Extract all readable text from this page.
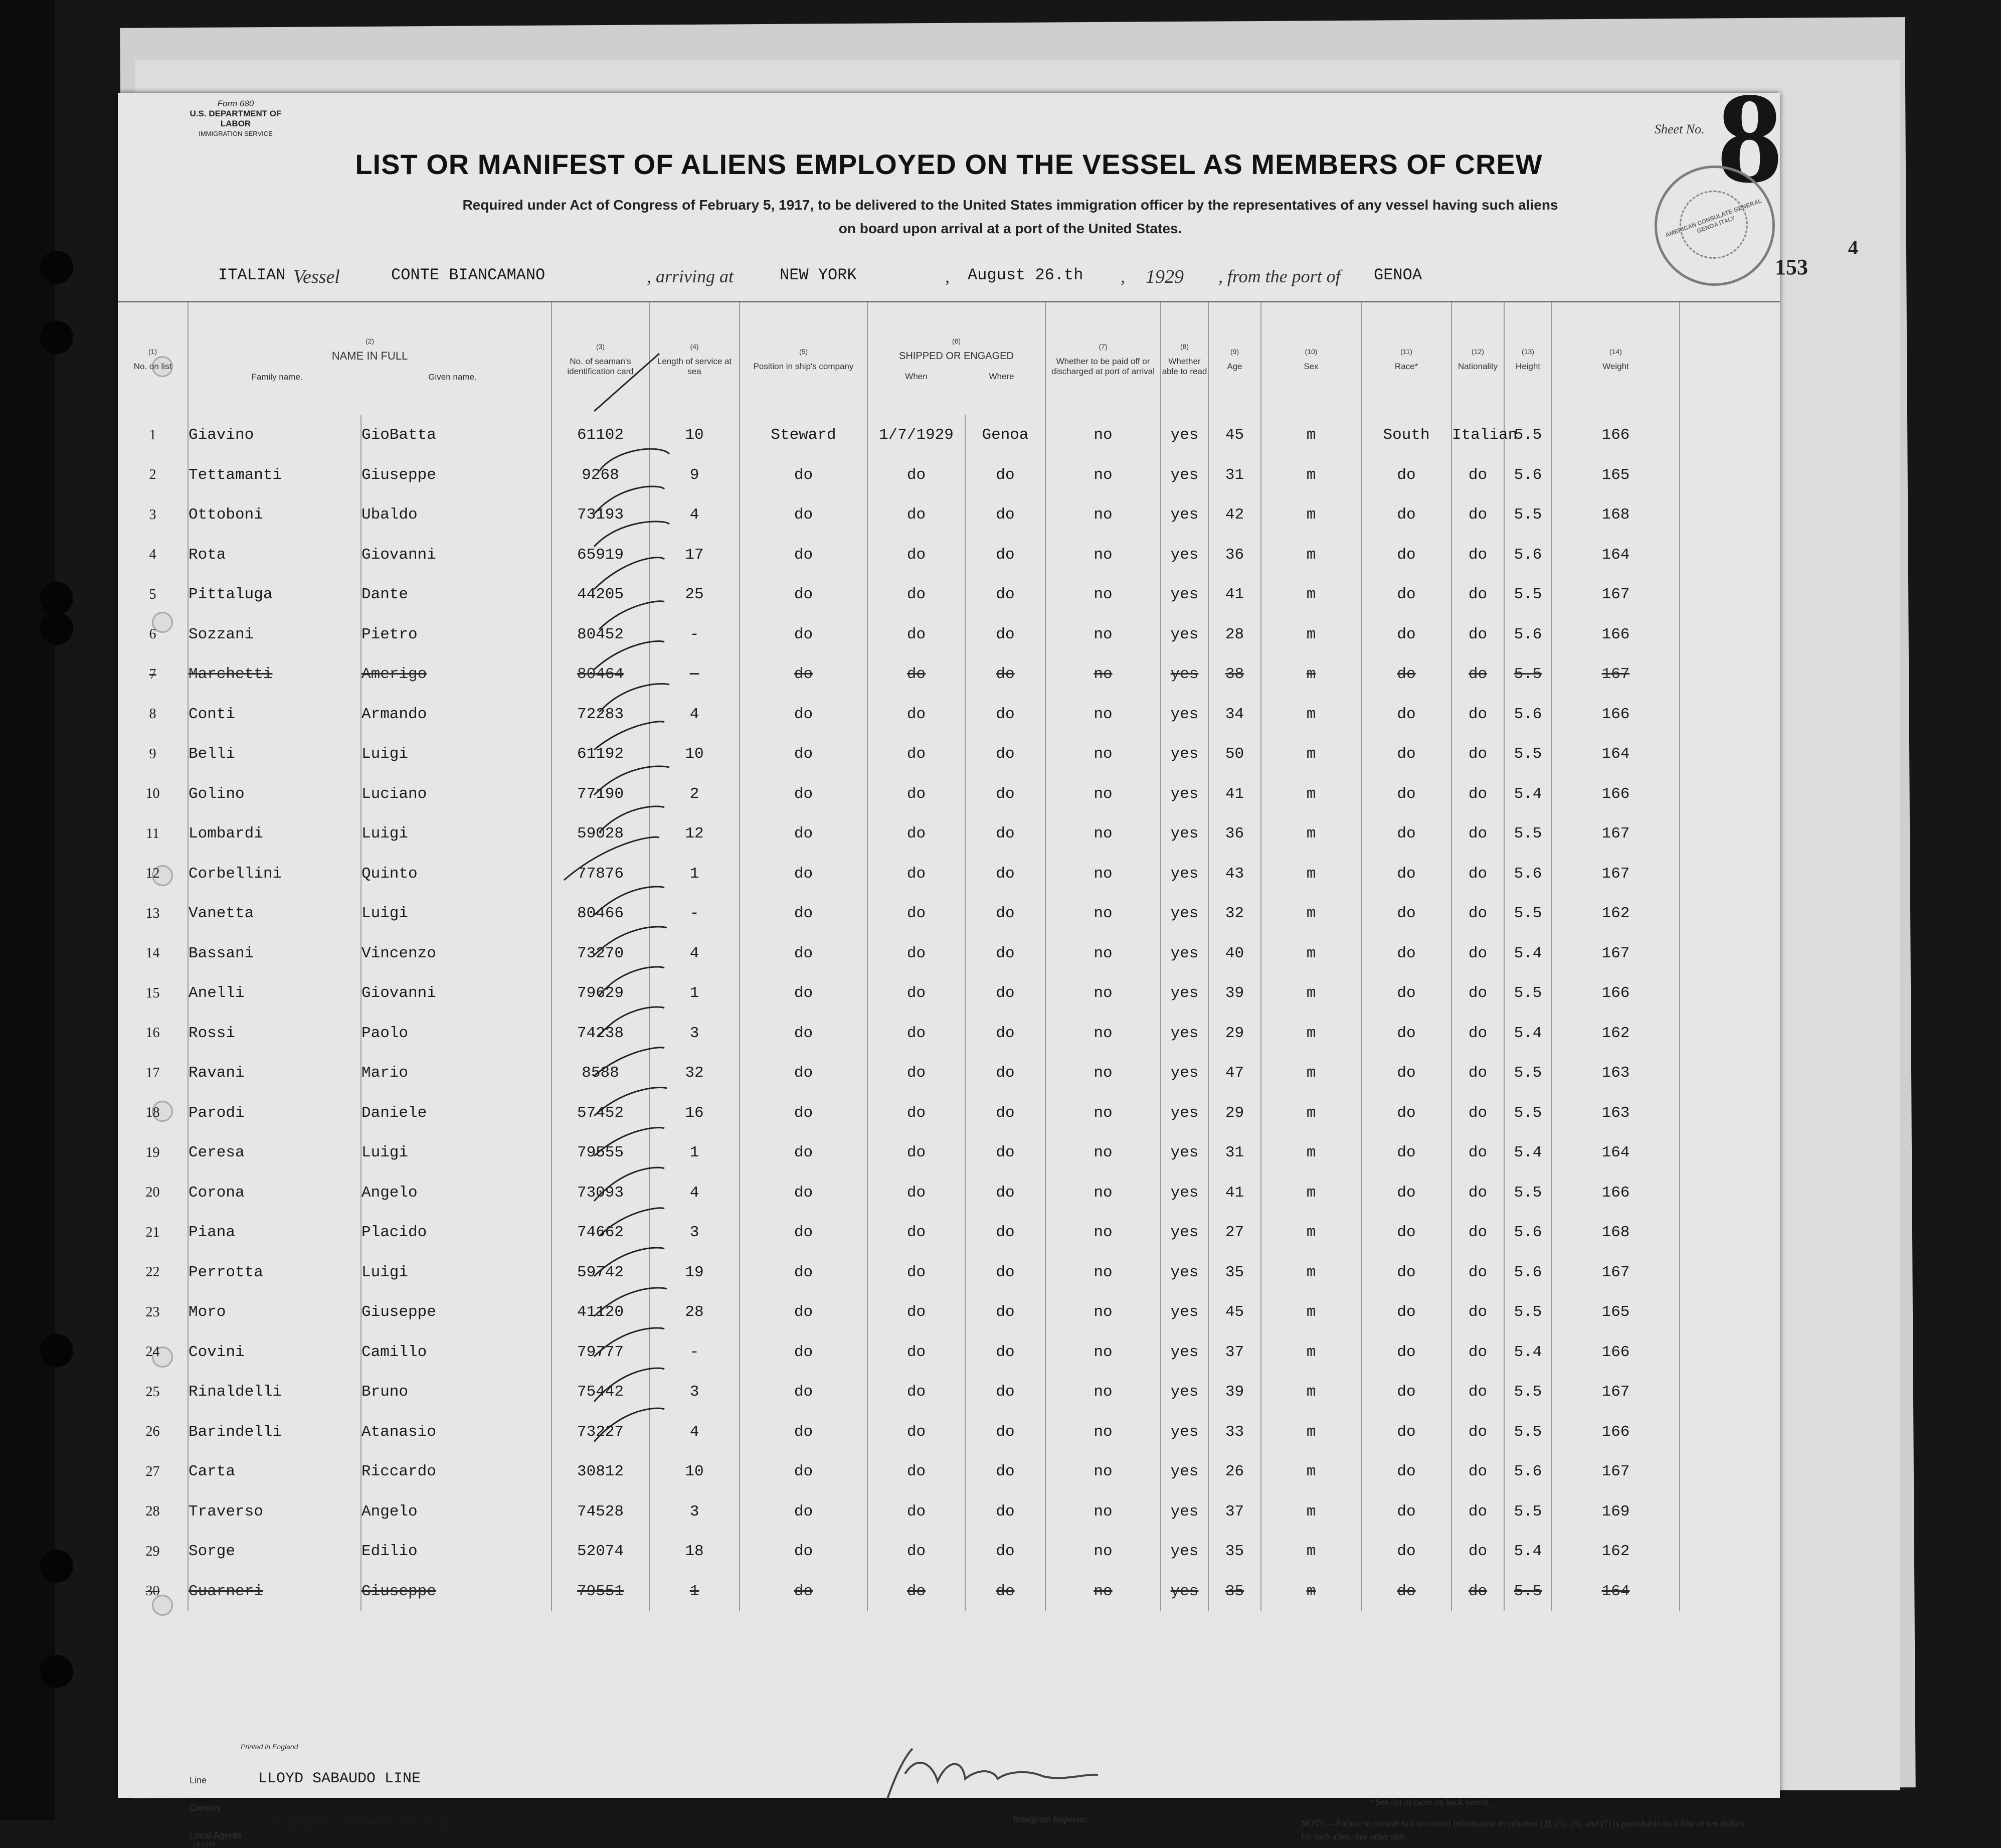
Form 680
U.S. DEPARTMENT OF LABOR
IMMIGRATION SERVICE	Sheet No. 8
LIST OR MANIFEST OF ALIENS EMPLOYED ON THE VESSEL AS MEMBERS OF CREW
Required under Act of Congress of February 5, 1917, to be delivered to the United States immigration officer by the representatives of any vessel having such aliens
on board upon arrival at a port of the United States.	AMERICAN CONSULATE GENERAL GENOA ITALY
153
ITALIAN Vessel	CONTE BIANCAMANO	, arriving at	NEW YORK	, August 26.th , 1929 , from the port of GENOA
(1)
No. on list	(2)
NAME IN FULL

Family name. Given name.		(3)
No. of seaman's identification card	(4)
Length of service at sea	(5)
Position in ship's company	(6)
SHIPPED OR ENGAGED

When Where		(7)
Whether to be paid off or discharged at port of arrival	(8)
Whether able to read	(9)
Age	(10)
Sex	(11)
Race*	(12)
Nationality	(13)
Height	(14)
Weight	

1	Giavino	GioBatta	61102	10	Steward	1/7/1929	Genoa	no	yes	45	m	South	Italian	5.5	166		
2	Tettamanti	Giuseppe	9268	9	do	do	do	no	yes	31	m	do	do	5.6	165		
3	Ottoboni	Ubaldo	73193	4	do	do	do	no	yes	42	m	do	do	5.5	168		
4	Rota	Giovanni	65919	17	do	do	do	no	yes	36	m	do	do	5.6	164		
5	Pittaluga	Dante	44205	25	do	do	do	no	yes	41	m	do	do	5.5	167		
6	Sozzani	Pietro	80452	-	do	do	do	no	yes	28	m	do	do	5.6	166		
7	Marchetti	Amerigo	80464	-	do	do	do	no	yes	38	m	do	do	5.5	167		
8	Conti	Armando	72283	4	do	do	do	no	yes	34	m	do	do	5.6	166		
9	Belli	Luigi	61192	10	do	do	do	no	yes	50	m	do	do	5.5	164		
10	Golino	Luciano	77190	2	do	do	do	no	yes	41	m	do	do	5.4	166		
11	Lombardi	Luigi	59028	12	do	do	do	no	yes	36	m	do	do	5.5	167		
12	Corbellini	Quinto	77876	1	do	do	do	no	yes	43	m	do	do	5.6	167		
13	Vanetta	Luigi	80466	-	do	do	do	no	yes	32	m	do	do	5.5	162		
14	Bassani	Vincenzo	73270	4	do	do	do	no	yes	40	m	do	do	5.4	167		
15	Anelli	Giovanni	79629	1	do	do	do	no	yes	39	m	do	do	5.5	166		
16	Rossi	Paolo	74238	3	do	do	do	no	yes	29	m	do	do	5.4	162		
17	Ravani	Mario	8588	32	do	do	do	no	yes	47	m	do	do	5.5	163		
18	Parodi	Daniele	57452	16	do	do	do	no	yes	29	m	do	do	5.5	163		
19	Ceresa	Luigi	79555	1	do	do	do	no	yes	31	m	do	do	5.4	164		
20	Corona	Angelo	73093	4	do	do	do	no	yes	41	m	do	do	5.5	166		
21	Piana	Placido	74662	3	do	do	do	no	yes	27	m	do	do	5.6	168		
22	Perrotta	Luigi	59742	19	do	do	do	no	yes	35	m	do	do	5.6	167		
23	Moro	Giuseppe	41120	28	do	do	do	no	yes	45	m	do	do	5.5	165		
24	Covini	Camillo	79777	-	do	do	do	no	yes	37	m	do	do	5.4	166		
25	Rinaldelli	Bruno	75442	3	do	do	do	no	yes	39	m	do	do	5.5	167		
26	Barindelli	Atanasio	73227	4	do	do	do	no	yes	33	m	do	do	5.5	166		
27	Carta	Riccardo	30812	10	do	do	do	no	yes	26	m	do	do	5.6	167		
28	Traverso	Angelo	74528	3	do	do	do	no	yes	37	m	do	do	5.5	169		
29	Sorge	Edilio	52074	18	do	do	do	no	yes	35	m	do	do	5.4	162		
30	Guarneri	Giuseppe	79551	1	do	do	do	no	yes	35	m	do	do	5.5	164		
Printed in England
Line	LLOYD SABAUDO LINE
Owners
Local Agents
14-1249
3 State Street N.Y.C.	Immigrant Inspector.
* See list of races on back hereof.
NOTE.—Failure to furnish full or correct information in columns (2), (5), (6), and (7) is punishable by a fine of ten dollars for each alien. See other side.
4
